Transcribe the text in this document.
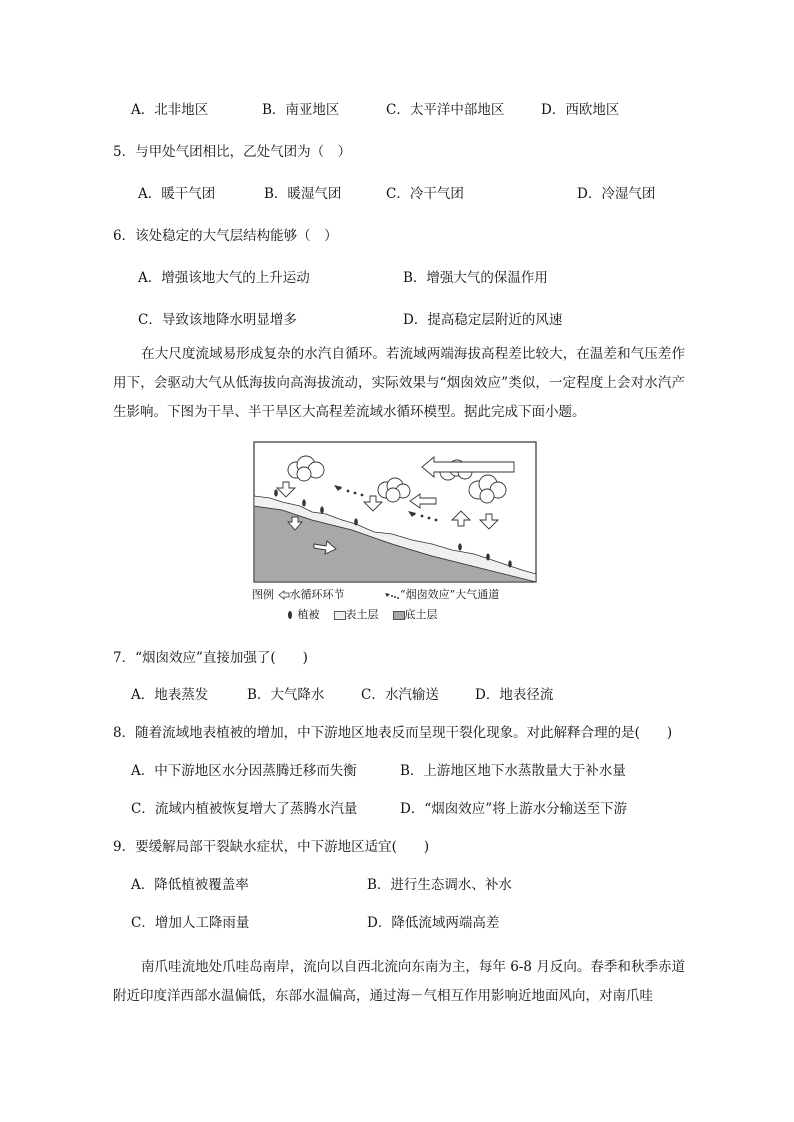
A．北非地区	B．南亚地区	C．太平洋中部地区	D．西欧地区
5．与甲处气团相比，乙处气团为（　）
A．暖干气团	B．暖湿气团	C．冷干气团	D．冷湿气团
6．该处稳定的大气层结构能够（　）
A．增强该地大气的上升运动	B．增强大气的保温作用
C．导致该地降水明显增多	D．提高稳定层附近的风速
在大尺度流域易形成复杂的水汽自循环。若流域两端海拔高程差比较大，在温差和气压差作用下，会驱动大气从低海拔向高海拔流动，实际效果与“烟囱效应”类似，一定程度上会对水汽产生影响。下图为干旱、半干旱区大高程差流域水循环模型。据此完成下面小题。
图例 水循环环节	“烟囱效应”大气通道
植被 表土层 底土层
7．“烟囱效应”直接加强了(　　)
A．地表蒸发	B．大气降水	C．水汽输送	D．地表径流
8．随着流域地表植被的增加，中下游地区地表反而呈现干裂化现象。对此解释合理的是(　　)
A．中下游地区水分因蒸腾迁移而失衡	B．上游地区地下水蒸散量大于补水量
C．流域内植被恢复增大了蒸腾水汽量	D．“烟囱效应”将上游水分输送至下游
9．要缓解局部干裂缺水症状，中下游地区适宜(　　)
A．降低植被覆盖率	B．进行生态调水、补水
C．增加人工降雨量	D．降低流域两端高差
南爪哇流地处爪哇岛南岸，流向以自西北流向东南为主，每年 6-8 月反向。春季和秋季赤道附近印度洋西部水温偏低，东部水温偏高，通过海－气相互作用影响近地面风向，对南爪哇
